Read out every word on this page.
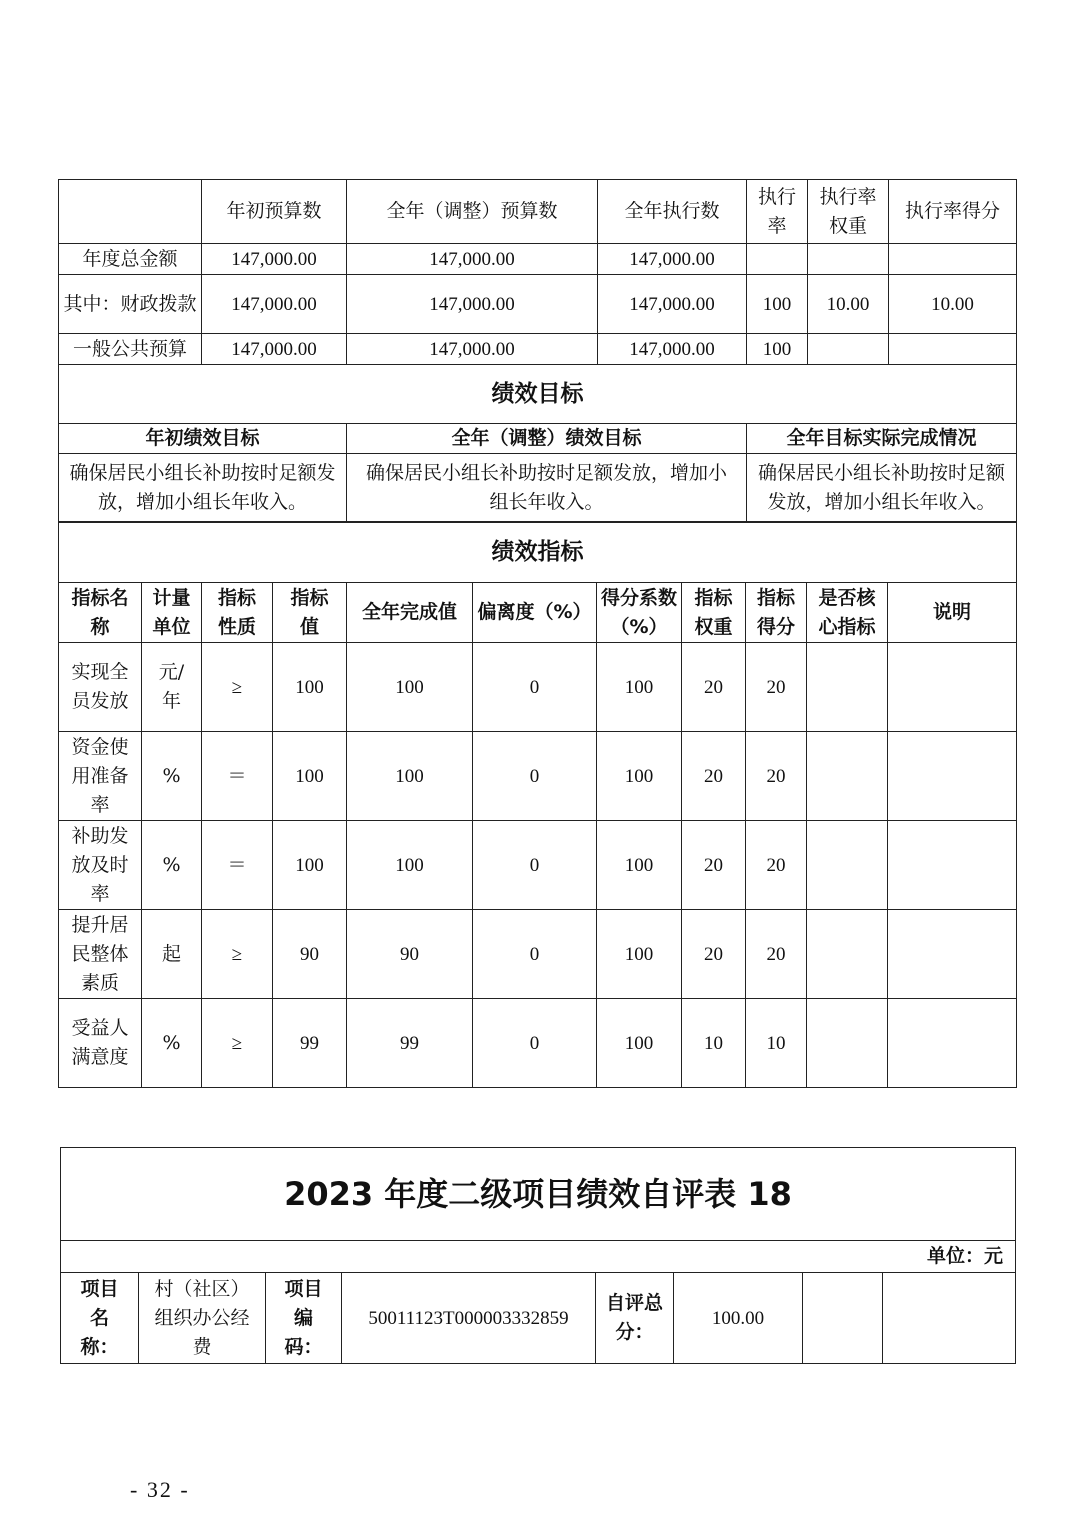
	年初预算数	全年（调整）预算数	全年执行数	执行率	执行率权重	执行率得分
年度总金额	147,000.00	147,000.00	147,000.00			
其中：财政拨款	147,000.00	147,000.00	147,000.00	100	10.00	10.00
一般公共预算	147,000.00	147,000.00	147,000.00	100		
绩效目标						
年初绩效目标		全年（调整）绩效目标		全年目标实际完成情况		
确保居民小组长补助按时足额发放，增加小组长年收入。		确保居民小组长补助按时足额发放，增加小组长年收入。		确保居民小组长补助按时足额发放，增加小组长年收入。		
绩效指标										
指标名称	计量单位	指标性质	指标值	全年完成值	偏离度（%）	得分系数（%）	指标权重	指标得分	是否核心指标	说明
实现全员发放	元/年	≥	100	100	0	100	20	20		
资金使用准备率	%	＝	100	100	0	100	20	20		
补助发放及时率	%	＝	100	100	0	100	20	20		
提升居民整体素质	起	≥	90	90	0	100	20	20		
受益人满意度	%	≥	99	99	0	100	10	10		
2023 年度二级项目绩效自评表 18
单位：元
项目名称：	村（社区）组织办公经费	项目编码：	50011123T000003332859	自评总分：	100.00		
- 32 -
